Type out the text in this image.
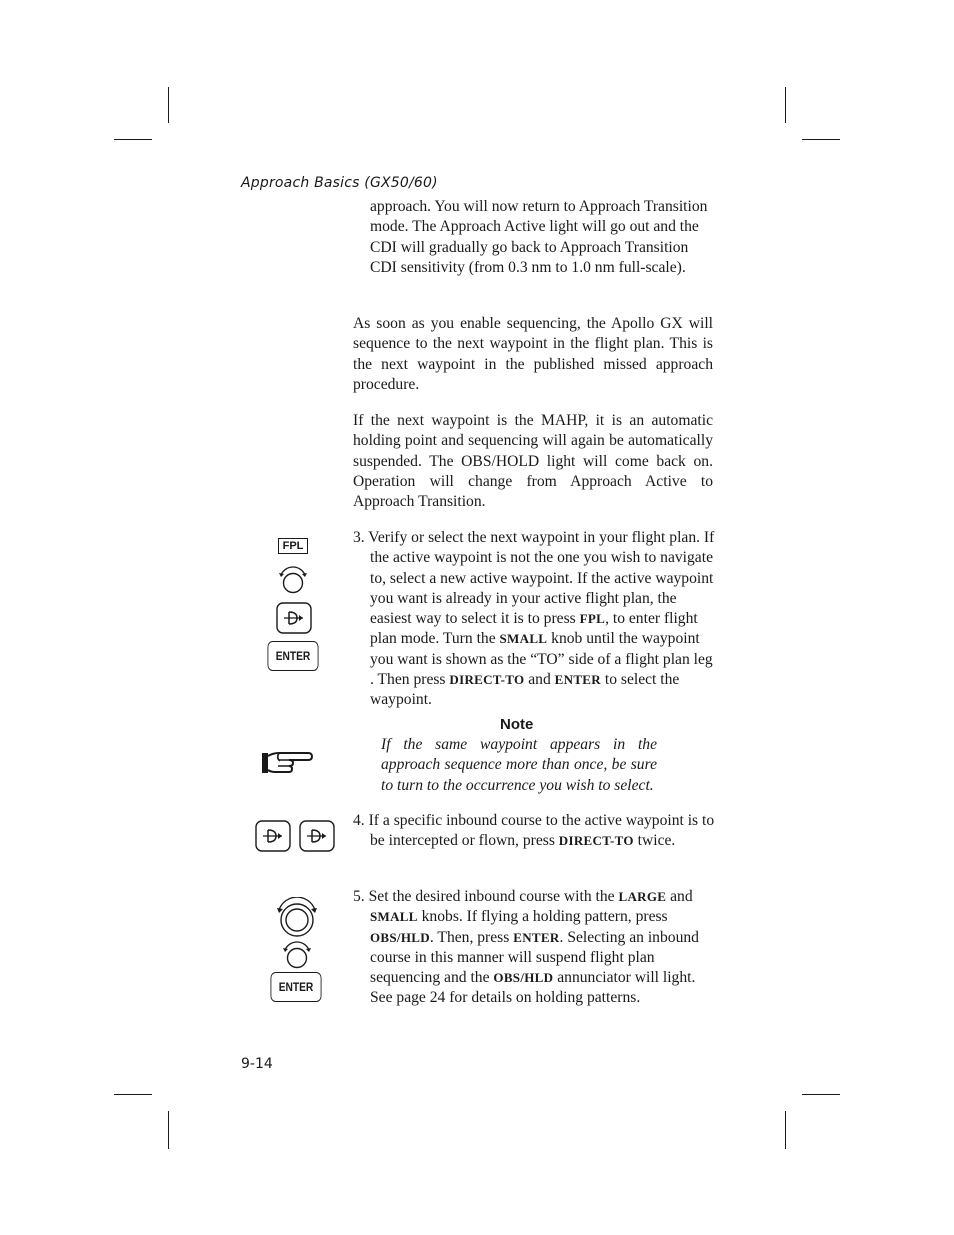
Approach Basics (GX50/60)
approach. You will now return to Approach Transition mode. The Approach Active light will go out and the CDI will gradually go back to Approach Transition CDI sensitivity (from 0.3 nm to 1.0 nm full-scale).
As soon as you enable sequencing, the Apollo GX will sequence to the next waypoint in the flight plan. This is the next waypoint in the published missed approach procedure.
If the next waypoint is the MAHP, it is an automatic holding point and sequencing will again be automatically suspended. The OBS/HOLD light will come back on. Operation will change from Approach Active to Approach Transition.
3. Verify or select the next waypoint in your flight plan. If the active waypoint is not the one you wish to navigate to, select a new active waypoint. If the active waypoint you want is already in your active flight plan, the easiest way to select it is to press FPL, to enter flight plan mode. Turn the SMALL knob until the waypoint you want is shown as the “TO” side of a flight plan leg . Then press DIRECT-TO and ENTER to select the waypoint.
Note
If the same waypoint appears in the approach sequence more than once, be sure to turn to the occurrence you wish to select.
4. If a specific inbound course to the active waypoint is to be intercepted or flown, press DIRECT-TO twice.
5. Set the desired inbound course with the LARGE and SMALL knobs. If flying a holding pattern, press OBS/HLD. Then, press ENTER. Selecting an inbound course in this manner will suspend flight plan sequencing and the OBS/HLD annunciator will light. See page 24 for details on holding patterns.
FPL
ENTER
ENTER
9-14
